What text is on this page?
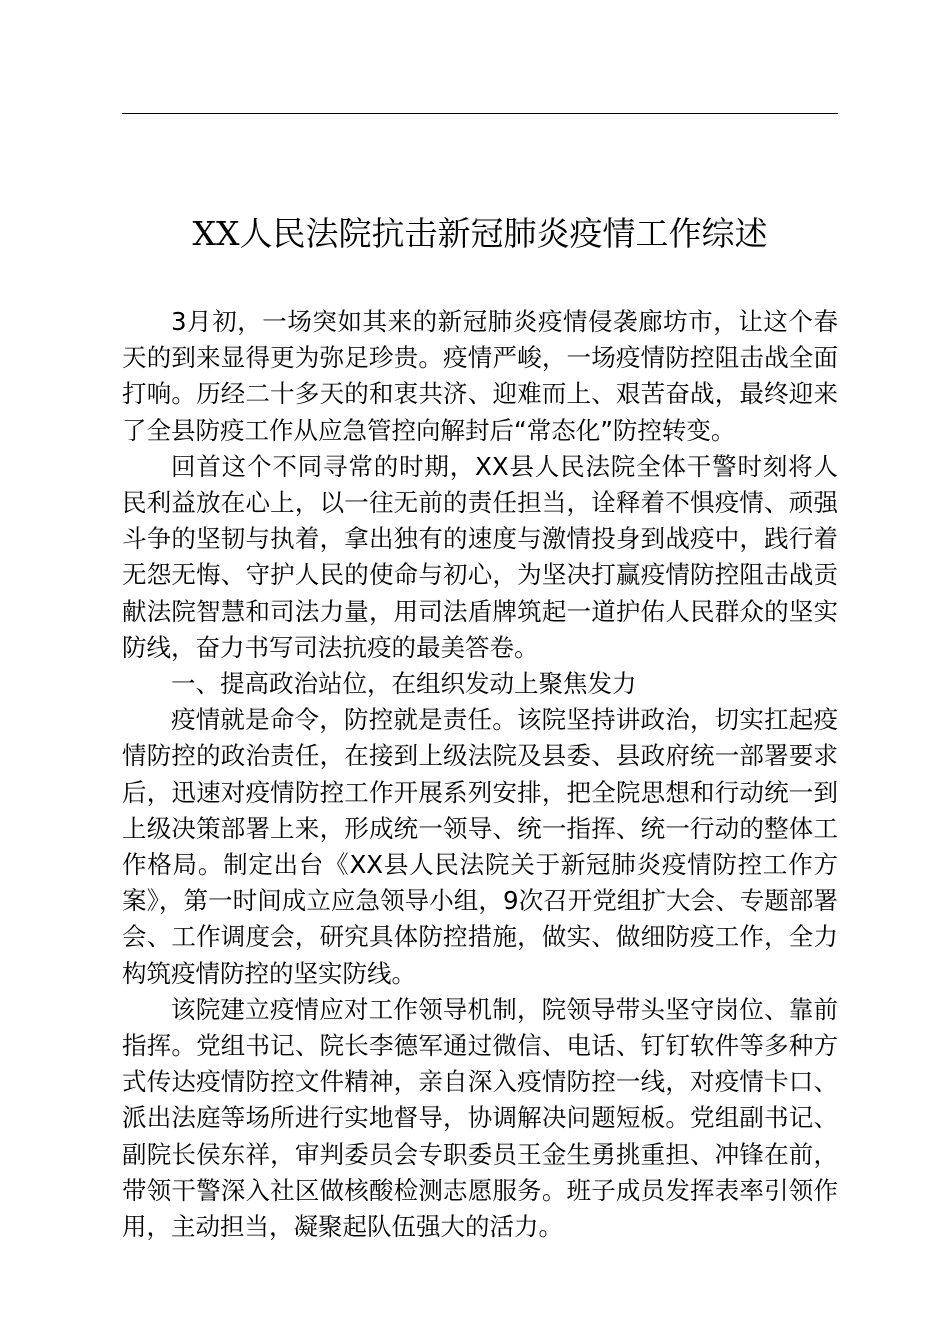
XX人民法院抗击新冠肺炎疫情工作综述

3月初，一场突如其来的新冠肺炎疫情侵袭廊坊市，让这个春天的到来显得更为弥足珍贵。疫情严峻，一场疫情防控阻击战全面打响。历经二十多天的和衷共济、迎难而上、艰苦奋战，最终迎来了全县防疫工作从应急管控向解封后“常态化”防控转变。

回首这个不同寻常的时期，XX县人民法院全体干警时刻将人民利益放在心上，以一往无前的责任担当，诠释着不惧疫情、顽强斗争的坚韧与执着，拿出独有的速度与激情投身到战疫中，践行着无怨无悔、守护人民的使命与初心，为坚决打赢疫情防控阻击战贡献法院智慧和司法力量，用司法盾牌筑起一道护佑人民群众的坚实防线，奋力书写司法抗疫的最美答卷。

一、提高政治站位，在组织发动上聚焦发力

疫情就是命令，防控就是责任。该院坚持讲政治，切实扛起疫情防控的政治责任，在接到上级法院及县委、县政府统一部署要求后，迅速对疫情防控工作开展系列安排，把全院思想和行动统一到上级决策部署上来，形成统一领导、统一指挥、统一行动的整体工作格局。制定出台《XX县人民法院关于新冠肺炎疫情防控工作方案》，第一时间成立应急领导小组，9次召开党组扩大会、专题部署会、工作调度会，研究具体防控措施，做实、做细防疫工作，全力构筑疫情防控的坚实防线。

该院建立疫情应对工作领导机制，院领导带头坚守岗位、靠前指挥。党组书记、院长李德军通过微信、电话、钉钉软件等多种方式传达疫情防控文件精神，亲自深入疫情防控一线，对疫情卡口、派出法庭等场所进行实地督导，协调解决问题短板。党组副书记、副院长侯东祥，审判委员会专职委员王金生勇挑重担、冲锋在前，带领干警深入社区做核酸检测志愿服务。班子成员发挥表率引领作用，主动担当，凝聚起队伍强大的活力。
